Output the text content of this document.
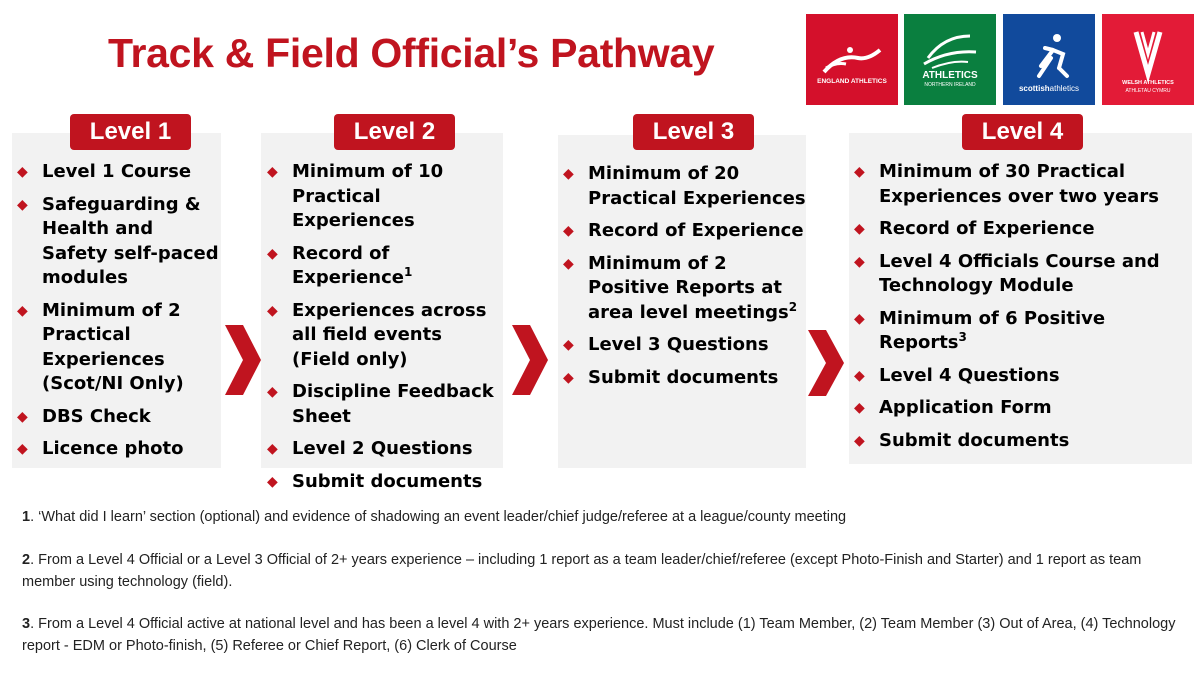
Track & Field Official’s Pathway
ENGLAND ATHLETICS
ATHLETICS
NORTHERN IRELAND	scottishathletics
WELSH ATHLETICS
ATHLETAU CYMRU
Level 1	Level 2	Level 3	Level 4
◆ Level 1 Course
◆ Safeguarding & Health and Safety self-paced modules
◆ Minimum of 2 Practical Experiences (Scot/NI Only)
◆ DBS Check
◆ Licence photo
◆ Minimum of 10 Practical Experiences
◆ Record of Experience$^1$
◆ Experiences across all field events (Field only)
◆ Discipline Feedback Sheet
◆ Level 2 Questions
◆ Submit documents
◆ Minimum of 20 Practical Experiences
◆ Record of Experience
◆ Minimum of 2 Positive Reports at area level meetings$^2$
◆ Level 3 Questions
◆ Submit documents
◆ Minimum of 30 Practical Experiences over two years
◆ Record of Experience
◆ Level 4 Officials Course and Technology Module
◆ Minimum of 6 Positive Reports$^3$
◆ Level 4 Questions
◆ Application Form
◆ Submit documents
1. ‘What did I learn’ section (optional) and evidence of shadowing an event leader/chief judge/referee at a league/county meeting
2. From a Level 4 Official or a Level 3 Official of 2+ years experience – including 1 report as a team leader/chief/referee (except Photo-Finish and Starter) and 1 report as team member using technology (field).
3. From a Level 4 Official active at national level and has been a level 4 with 2+ years experience. Must include (1) Team Member, (2) Team Member (3) Out of Area, (4) Technology report - EDM or Photo-finish, (5) Referee or Chief Report, (6) Clerk of Course
